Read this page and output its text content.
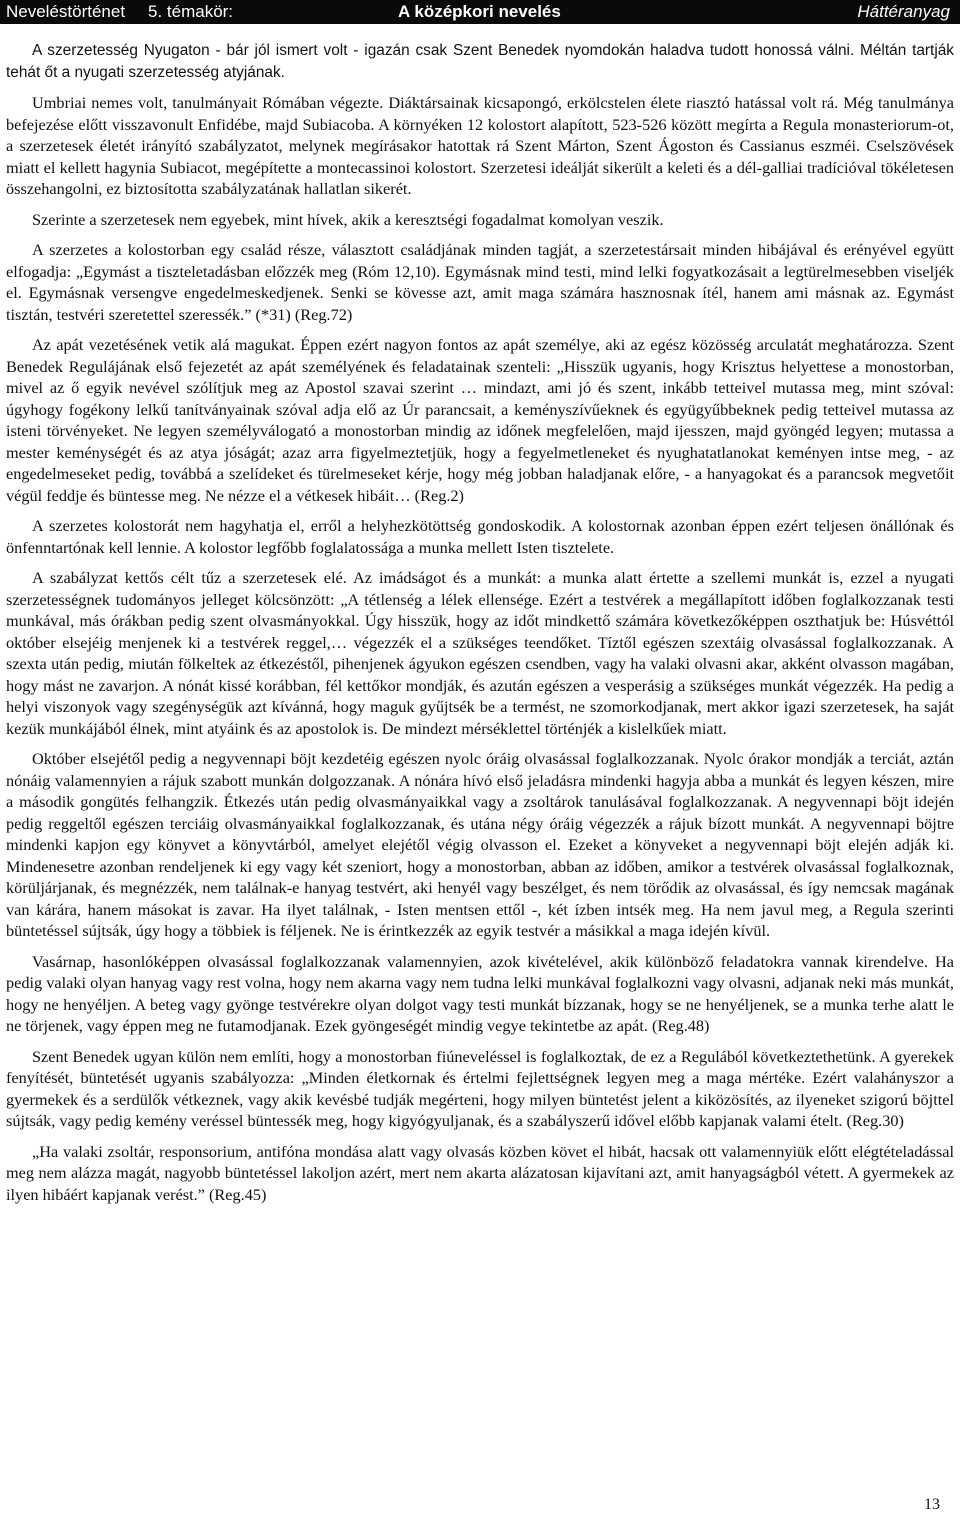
Neveléstörténet 5. témakör:	A középkori nevelés	Háttéranyag

A szerzetesség Nyugaton - bár jól ismert volt - igazán csak Szent Benedek nyomdokán haladva tudott honossá válni. Méltán tartják tehát őt a nyugati szerzetesség atyjának.

Umbriai nemes volt, tanulmányait Rómában végezte. Diáktársainak kicsapongó, erkölcstelen élete riasztó hatással volt rá. Még tanulmánya befejezése előtt visszavonult Enfidébe, majd Subiacoba. A környéken 12 kolostort alapított, 523-526 között megírta a Regula monasteriorum-ot, a szerzetesek életét irányító szabályzatot, melynek megírásakor hatottak rá Szent Márton, Szent Ágoston és Cassianus eszméi. Cselszövések miatt el kellett hagynia Subiacot, megépítette a montecassinoi kolostort. Szerzetesi ideálját sikerült a keleti és a dél-galliai tradícióval tökéletesen összehangolni, ez biztosította szabályzatának hallatlan sikerét.

Szerinte a szerzetesek nem egyebek, mint hívek, akik a keresztségi fogadalmat komolyan veszik.

A szerzetes a kolostorban egy család része, választott családjának minden tagját, a szerzetestársait minden hibájával és erényével együtt elfogadja: „Egymást a tiszteletadásban előzzék meg (Róm 12,10). Egymásnak mind testi, mind lelki fogyatkozásait a legtürelmesebben viseljék el. Egymásnak versengve engedelmeskedjenek. Senki se kövesse azt, amit maga számára hasznosnak ítél, hanem ami másnak az. Egymást tisztán, testvéri szeretettel szeressék.” (*31) (Reg.72)

Az apát vezetésének vetik alá magukat. Éppen ezért nagyon fontos az apát személye, aki az egész közösség arculatát meghatározza. Szent Benedek Regulájának első fejezetét az apát személyének és feladatainak szenteli: „Hisszük ugyanis, hogy Krisztus helyettese a monostorban, mivel az ő egyik nevével szólítjuk meg az Apostol szavai szerint … mindazt, ami jó és szent, inkább tetteivel mutassa meg, mint szóval: úgyhogy fogékony lelkű tanítványainak szóval adja elő az Úr parancsait, a keményszívűeknek és együgyűbbeknek pedig tetteivel mutassa az isteni törvényeket. Ne legyen személyválogató a monostorban mindig az időnek megfelelően, majd ijesszen, majd gyöngéd legyen; mutassa a mester keménységét és az atya jóságát; azaz arra figyelmeztetjük, hogy a fegyelmetleneket és nyughatatlanokat keményen intse meg, - az engedelmeseket pedig, továbbá a szelídeket és türelmeseket kérje, hogy még jobban haladjanak előre, - a hanyagokat és a parancsok megvetőit végül feddje és büntesse meg. Ne nézze el a vétkesek hibáit… (Reg.2)

A szerzetes kolostorát nem hagyhatja el, erről a helyhezkötöttség gondoskodik. A kolostornak azonban éppen ezért teljesen önállónak és önfenntartónak kell lennie. A kolostor legfőbb foglalatossága a munka mellett Isten tisztelete.

A szabályzat kettős célt tűz a szerzetesek elé. Az imádságot és a munkát: a munka alatt értette a szellemi munkát is, ezzel a nyugati szerzetességnek tudományos jelleget kölcsönzött: „A tétlenség a lélek ellensége. Ezért a testvérek a megállapított időben foglalkozzanak testi munkával, más órákban pedig szent olvasmányokkal. Úgy hisszük, hogy az időt mindkettő számára következőképpen oszthatjuk be: Húsvéttól október elsejéig menjenek ki a testvérek reggel,… végezzék el a szükséges teendőket. Tíztől egészen szextáig olvasással foglalkozzanak. A szexta után pedig, miután fölkeltek az étkezéstől, pihenjenek ágyukon egészen csendben, vagy ha valaki olvasni akar, akként olvasson magában, hogy mást ne zavarjon. A nónát kissé korábban, fél kettőkor mondják, és azután egészen a vesperásig a szükséges munkát végezzék. Ha pedig a helyi viszonyok vagy szegénységük azt kívánná, hogy maguk gyűjtsék be a termést, ne szomorkodjanak, mert akkor igazi szerzetesek, ha saját kezük munkájából élnek, mint atyáink és az apostolok is. De mindezt mérséklettel történjék a kislelkűek miatt.

Október elsejétől pedig a negyvennapi böjt kezdetéig egészen nyolc óráig olvasással foglalkozzanak. Nyolc órakor mondják a terciát, aztán nónáig valamennyien a rájuk szabott munkán dolgozzanak. A nónára hívó első jeladásra mindenki hagyja abba a munkát és legyen készen, mire a második gongütés felhangzik. Étkezés után pedig olvasmányaikkal vagy a zsoltárok tanulásával foglalkozzanak. A negyvennapi böjt idején pedig reggeltől egészen terciáig olvasmányaikkal foglalkozzanak, és utána négy óráig végezzék a rájuk bízott munkát. A negyvennapi böjtre mindenki kapjon egy könyvet a könyvtárból, amelyet elejétől végig olvasson el. Ezeket a könyveket a negyvennapi böjt elején adják ki. Mindenesetre azonban rendeljenek ki egy vagy két szeniort, hogy a monostorban, abban az időben, amikor a testvérek olvasással foglalkoznak, körüljárjanak, és megnézzék, nem találnak-e hanyag testvért, aki henyél vagy beszélget, és nem törődik az olvasással, és így nemcsak magának van kárára, hanem másokat is zavar. Ha ilyet találnak, - Isten mentsen ettől -, két ízben intsék meg. Ha nem javul meg, a Regula szerinti büntetéssel sújtsák, úgy hogy a többiek is féljenek. Ne is érintkezzék az egyik testvér a másikkal a maga idején kívül.

Vasárnap, hasonlóképpen olvasással foglalkozzanak valamennyien, azok kivételével, akik különböző feladatokra vannak kirendelve. Ha pedig valaki olyan hanyag vagy rest volna, hogy nem akarna vagy nem tudna lelki munkával foglalkozni vagy olvasni, adjanak neki más munkát, hogy ne henyéljen. A beteg vagy gyönge testvérekre olyan dolgot vagy testi munkát bízzanak, hogy se ne henyéljenek, se a munka terhe alatt le ne törjenek, vagy éppen meg ne futamodjanak. Ezek gyöngeségét mindig vegye tekintetbe az apát. (Reg.48)

Szent Benedek ugyan külön nem említi, hogy a monostorban fiúneveléssel is foglalkoztak, de ez a Regulából következtethetünk. A gyerekek fenyítését, büntetését ugyanis szabályozza: „Minden életkornak és értelmi fejlettségnek legyen meg a maga mértéke. Ezért valahányszor a gyermekek és a serdülők vétkeznek, vagy akik kevésbé tudják megérteni, hogy milyen büntetést jelent a kiközösítés, az ilyeneket szigorú böjttel sújtsák, vagy pedig kemény veréssel büntessék meg, hogy kigyógyuljanak, és a szabályszerű idővel előbb kapjanak valami ételt. (Reg.30)

„Ha valaki zsoltár, responsorium, antifóna mondása alatt vagy olvasás közben követ el hibát, hacsak ott valamennyiük előtt elégtételadással meg nem alázza magát, nagyobb büntetéssel lakoljon azért, mert nem akarta alázatosan kijavítani azt, amit hanyagságból vétett. A gyermekek az ilyen hibáért kapjanak verést.” (Reg.45)

13
